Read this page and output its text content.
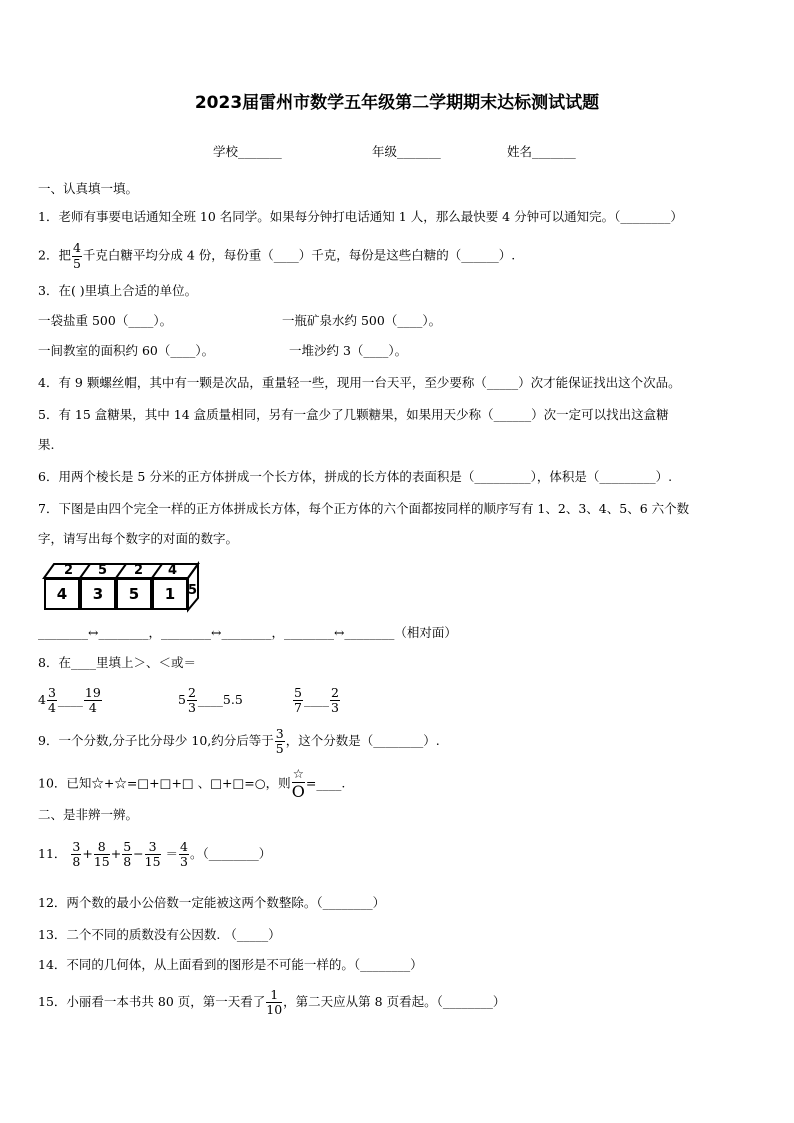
2023届雷州市数学五年级第二学期期末达标测试试题
学校_______	年级_______	姓名_______
一、认真填一填。
1．老师有事要电话通知全班 10 名同学。如果每分钟打电话通知 1 人，那么最快要 4 分钟可以通知完。（________）
2．把 $\frac{4}{5}$ 千克白糖平均分成 4 份，每份重（____）千克，每份是这些白糖的（______）.
3．在( )里填上合适的单位。
一袋盐重 500（____）。	一瓶矿泉水约 500（____）。
一间教室的面积约 60（____）。	一堆沙约 3（____）。
4．有 9 颗螺丝帽，其中有一颗是次品，重量轻一些，现用一台天平，至少要称（_____）次才能保证找出这个次品。
5．有 15 盒糖果，其中 14 盒质量相同，另有一盒少了几颗糖果，如果用天少称（______）次一定可以找出这盒糖
果.
6．用两个棱长是 5 分米的正方体拼成一个长方体，拼成的长方体的表面积是（_________），体积是（_________）.
7．下图是由四个完全一样的正方体拼成长方体，每个正方体的六个面都按同样的顺序写有 1、2、3、4、5、6 六个数
字，请写出每个数字的对面的数字。
4	3	5	1
2 5 2 4
5
________↔________，________↔________，________↔________（相对面）
8．在____里填上＞、＜或＝
$4 \frac{3}{4}$ ____ $\frac{19}{4}$	$5 \frac{2}{3}$ ____5.5	$\frac{5}{7}$ ____ $\frac{2}{3}$
9．一个分数,分子比分母少 10,约分后等于 $\frac{3}{5}$ ，这个分数是（________）.
10．已知☆+☆=□+□+□ 、□+□=○，则 $\frac{☆}{O}$ =____.
二、是非辨一辨。
11． $\frac{3}{8} + \frac{8}{15} + \frac{5}{8} - \frac{3}{15} = \frac{4}{3}$ 。（________）
12．两个数的最小公倍数一定能被这两个数整除。（________）
13．二个不同的质数没有公因数. （_____）
14．不同的几何体，从上面看到的图形是不可能一样的。（________）
15．小丽看一本书共 80 页，第一天看了 $\frac{1}{10}$ ，第二天应从第 8 页看起。（________）
